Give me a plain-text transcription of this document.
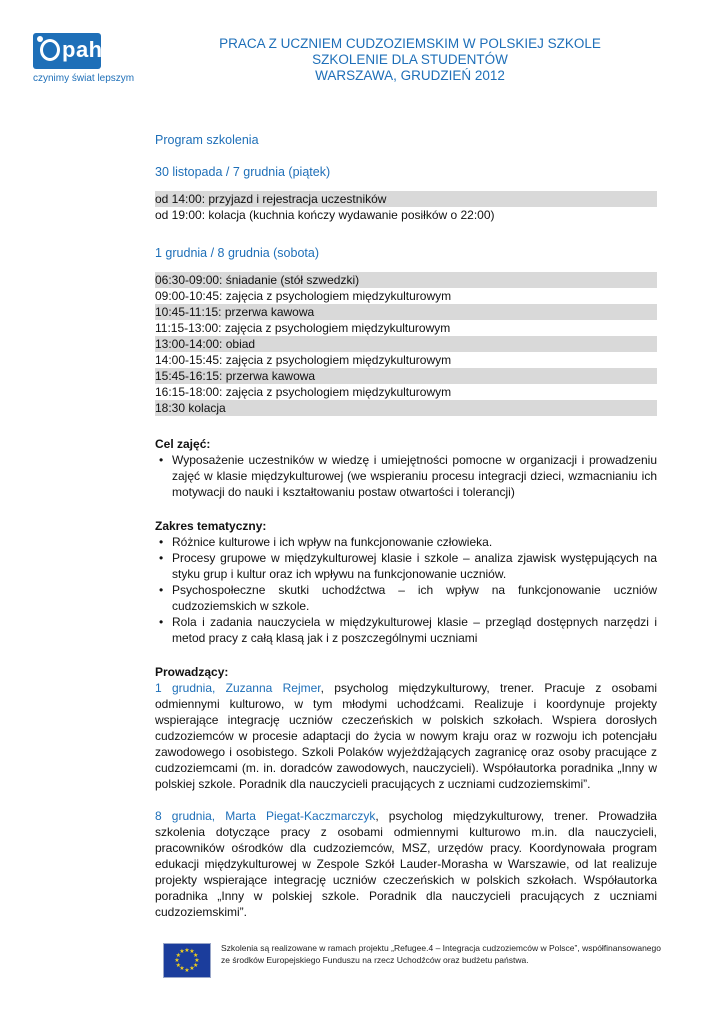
pah
czynimy świat lepszym
PRACA Z UCZNIEM CUDZOZIEMSKIM W POLSKIEJ SZKOLE
SZKOLENIE DLA STUDENTÓW
WARSZAWA, GRUDZIEŃ 2012

Program szkolenia

30 listopada / 7 grudnia (piątek)

od 14:00: przyjazd i rejestracja uczestników
od 19:00: kolacja (kuchnia kończy wydawanie posiłków o 22:00)

1 grudnia / 8 grudnia (sobota)

06:30-09:00: śniadanie (stół szwedzki)
09:00-10:45: zajęcia z psychologiem międzykulturowym
10:45-11:15: przerwa kawowa
11:15-13:00: zajęcia z psychologiem międzykulturowym
13:00-14:00: obiad
14:00-15:45: zajęcia z psychologiem międzykulturowym
15:45-16:15: przerwa kawowa
16:15-18:00: zajęcia z psychologiem międzykulturowym
18:30 kolacja

Cel zajęć:

• Wyposażenie uczestników w wiedzę i umiejętności pomocne w organizacji i prowadzeniu zajęć w klasie międzykulturowej (we wspieraniu procesu integracji dzieci, wzmacnianiu ich motywacji do nauki i kształtowaniu postaw otwartości i tolerancji)

Zakres tematyczny:

• Różnice kulturowe i ich wpływ na funkcjonowanie człowieka.
• Procesy grupowe w międzykulturowej klasie i szkole – analiza zjawisk występujących na styku grup i kultur oraz ich wpływu na funkcjonowanie uczniów.
• Psychospołeczne skutki uchodźctwa – ich wpływ na funkcjonowanie uczniów cudzoziemskich w szkole.
• Rola i zadania nauczyciela w międzykulturowej klasie – przegląd dostępnych narzędzi i metod pracy z całą klasą jak i z poszczególnymi uczniami

Prowadzący:

1 grudnia, Zuzanna Rejmer, psycholog międzykulturowy, trener. Pracuje z osobami odmiennymi kulturowo, w tym młodymi uchodźcami. Realizuje i koordynuje projekty wspierające integrację uczniów czeczeńskich w polskich szkołach. Wspiera dorosłych cudzoziemców w procesie adaptacji do życia w nowym kraju oraz w rozwoju ich potencjału zawodowego i osobistego. Szkoli Polaków wyjeżdżających zagranicę oraz osoby pracujące z cudzoziemcami (m. in. doradców zawodowych, nauczycieli). Współautorka poradnika „Inny w polskiej szkole. Poradnik dla nauczycieli pracujących z uczniami cudzoziemskimi”.

8 grudnia, Marta Piegat-Kaczmarczyk, psycholog międzykulturowy, trener. Prowadziła szkolenia dotyczące pracy z osobami odmiennymi kulturowo m.in. dla nauczycieli, pracowników ośrodków dla cudzoziemców, MSZ, urzędów pracy. Koordynowała program edukacji międzykulturowej w Zespole Szkół Lauder-Morasha w Warszawie, od lat realizuje projekty wspierające integrację uczniów czeczeńskich w polskich szkołach. Współautorka poradnika „Inny w polskiej szkole. Poradnik dla nauczycieli pracujących z uczniami cudzoziemskimi”.

★ ★
★
★
★
★
★
★
★
★
★
★	Szkolenia są realizowane w ramach projektu „Refugee.4 – Integracja cudzoziemców w Polsce”, współfinansowanego ze środków Europejskiego Funduszu na rzecz Uchodźców oraz budżetu państwa.
